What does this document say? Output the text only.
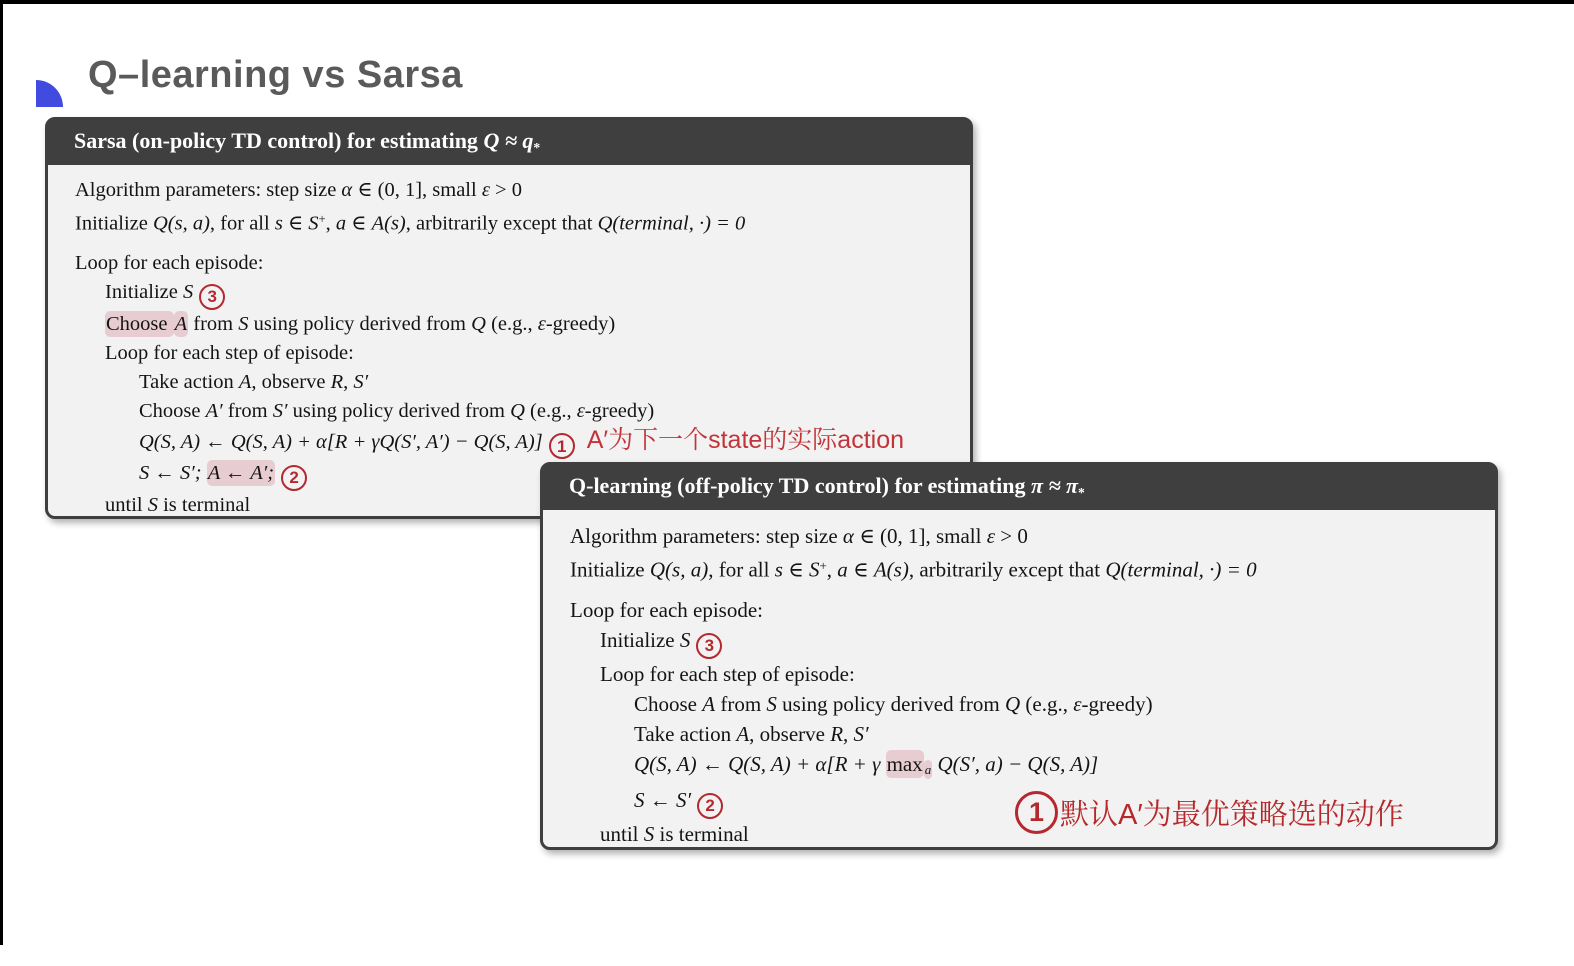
Q–learning vs Sarsa
Sarsa (on-policy TD control) for estimating Q ≈ q*
Algorithm parameters: step size α ∈ (0, 1], small ε > 0
Initialize Q(s, a), for all s ∈ S+, a ∈ A(s), arbitrarily except that Q(terminal, ·) = 0
Loop for each episode:
Initialize S 3
Choose A from S using policy derived from Q (e.g., ε-greedy)
Loop for each step of episode:
Take action A, observe R, S′
Choose A′ from S′ using policy derived from Q (e.g., ε-greedy)
Q(S, A) ← Q(S, A) + α[R + γQ(S′, A′) − Q(S, A)] 1 A′为下一个state的实际action
S ← S′; A ← A′; 2
until S is terminal
Q-learning (off-policy TD control) for estimating π ≈ π*
Algorithm parameters: step size α ∈ (0, 1], small ε > 0
Initialize Q(s, a), for all s ∈ S+, a ∈ A(s), arbitrarily except that Q(terminal, ·) = 0
Loop for each episode:
Initialize S 3
Loop for each step of episode:
Choose A from S using policy derived from Q (e.g., ε-greedy)
Take action A, observe R, S′
Q(S, A) ← Q(S, A) + α[R + γ max $_a$ Q(S′, a) − Q(S, A)]
S ← S′ 2
until S is terminal
1 默认A′为最优策略选的动作
